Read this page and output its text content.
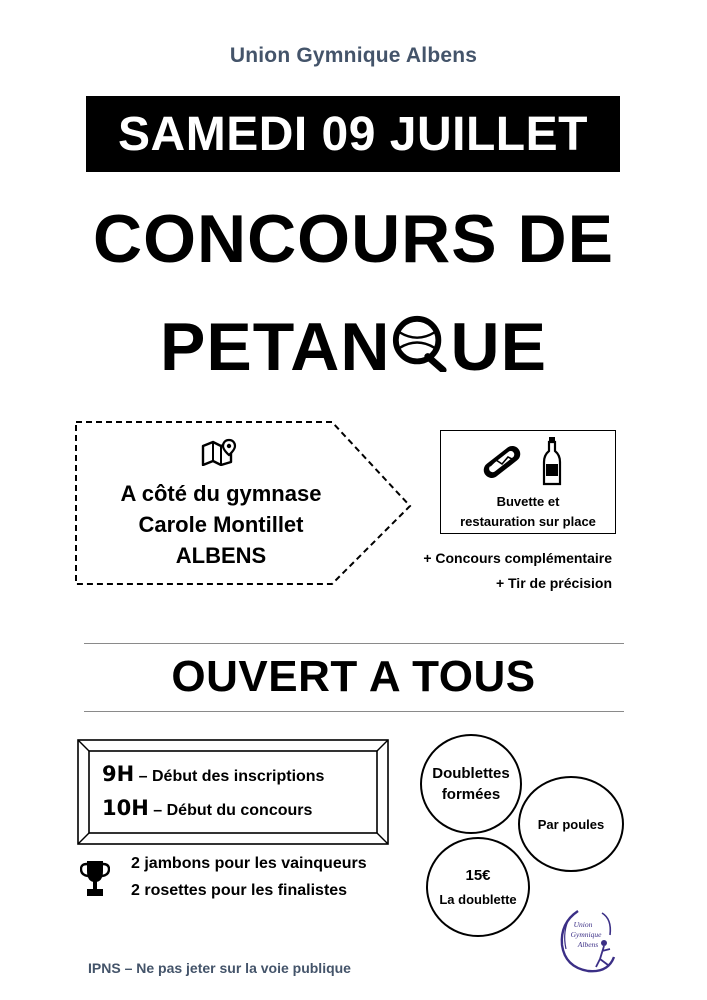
Union Gymnique Albens
SAMEDI 09 JUILLET
CONCOURS DE
PETAN UE
A côté du gymnase
Carole Montillet
ALBENS
Buvette et
restauration sur place
+ Concours complémentaire
+ Tir de précision
OUVERT A TOUS
9H – Début des inscriptions
10H – Début du concours
2 jambons pour les vainqueurs
2 rosettes pour les finalistes
Doublettes
formées
Par poules
15€
La doublette
Union
Gymnique
Albens
IPNS – Ne pas jeter sur la voie publique
